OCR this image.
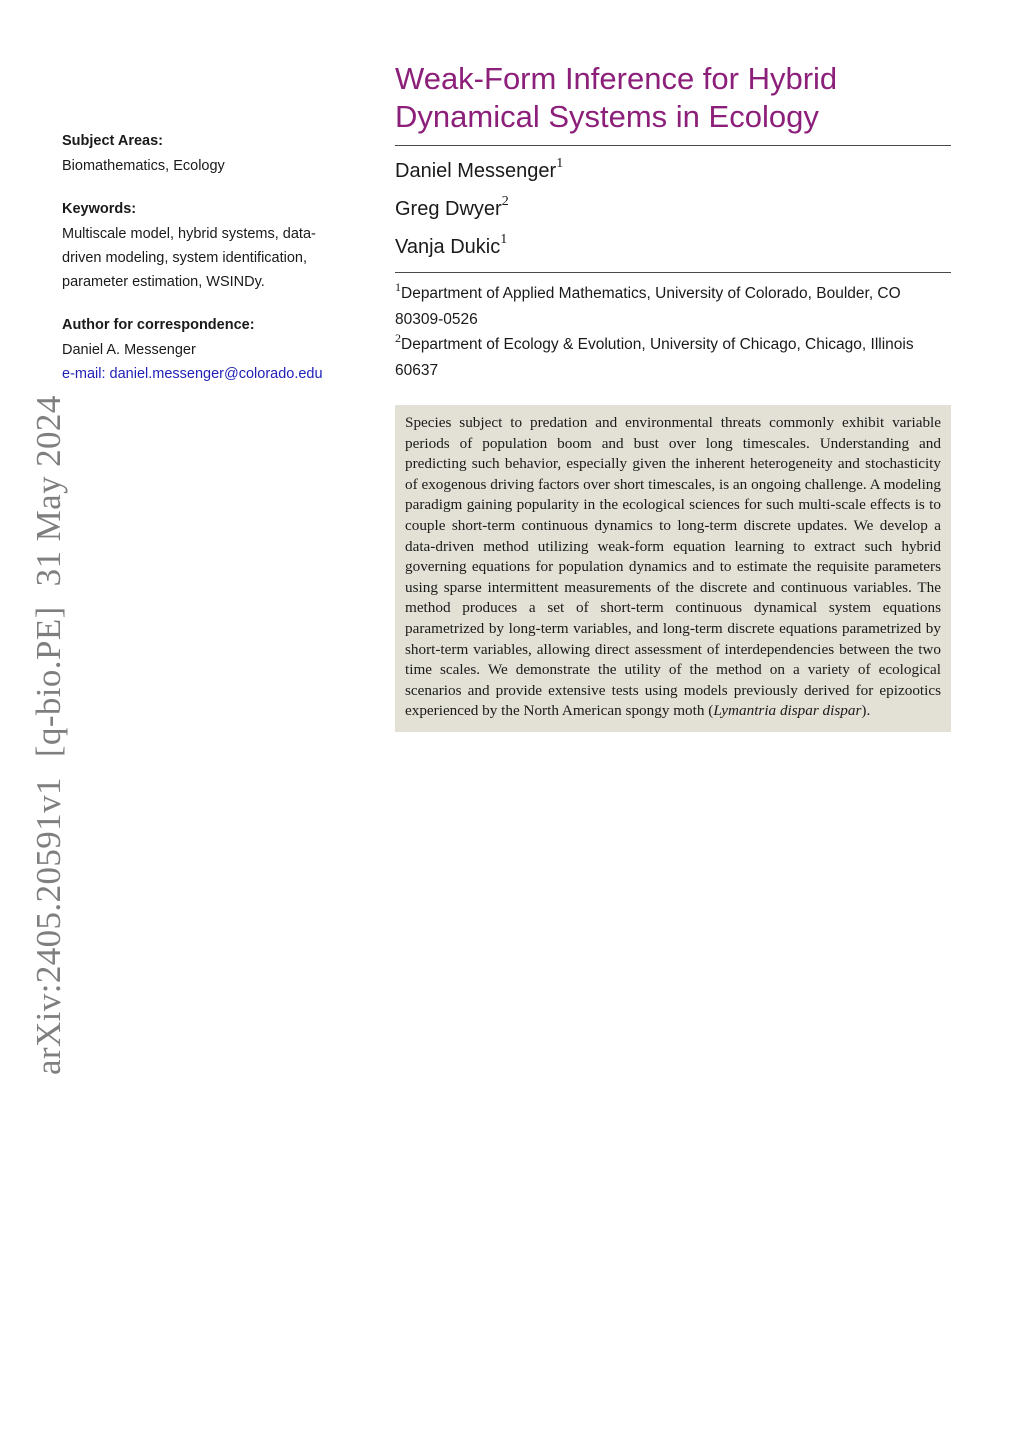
arXiv:2405.20591v1[q-bio.PE]31 May 2024
Subject Areas:
Biomathematics, Ecology
Keywords:
Multiscale model, hybrid systems, data-driven modeling, system identification, parameter estimation, WSINDy.
Author for correspondence:
Daniel A. Messenger
e-mail: daniel.messenger@colorado.edu
Weak-Form Inference for Hybrid Dynamical Systems in Ecology
Daniel Messenger$^1$
Greg Dwyer$^2$
Vanja Dukic$^1$
$^1$Department of Applied Mathematics, University of Colorado, Boulder, CO 80309-0526
$^2$Department of Ecology & Evolution, University of Chicago, Chicago, Illinois 60637
Species subject to predation and environmental threats commonly exhibit variable periods of population boom and bust over long timescales. Understanding and predicting such behavior, especially given the inherent heterogeneity and stochasticity of exogenous driving factors over short timescales, is an ongoing challenge. A modeling paradigm gaining popularity in the ecological sciences for such multi-scale effects is to couple short-term continuous dynamics to long-term discrete updates. We develop a data-driven method utilizing weak-form equation learning to extract such hybrid governing equations for population dynamics and to estimate the requisite parameters using sparse intermittent measurements of the discrete and continuous variables. The method produces a set of short-term continuous dynamical system equations parametrized by long-term variables, and long-term discrete equations parametrized by short-term variables, allowing direct assessment of interdependencies between the two time scales. We demonstrate the utility of the method on a variety of ecological scenarios and provide extensive tests using models previously derived for epizootics experienced by the North American spongy moth (Lymantria dispar dispar).
